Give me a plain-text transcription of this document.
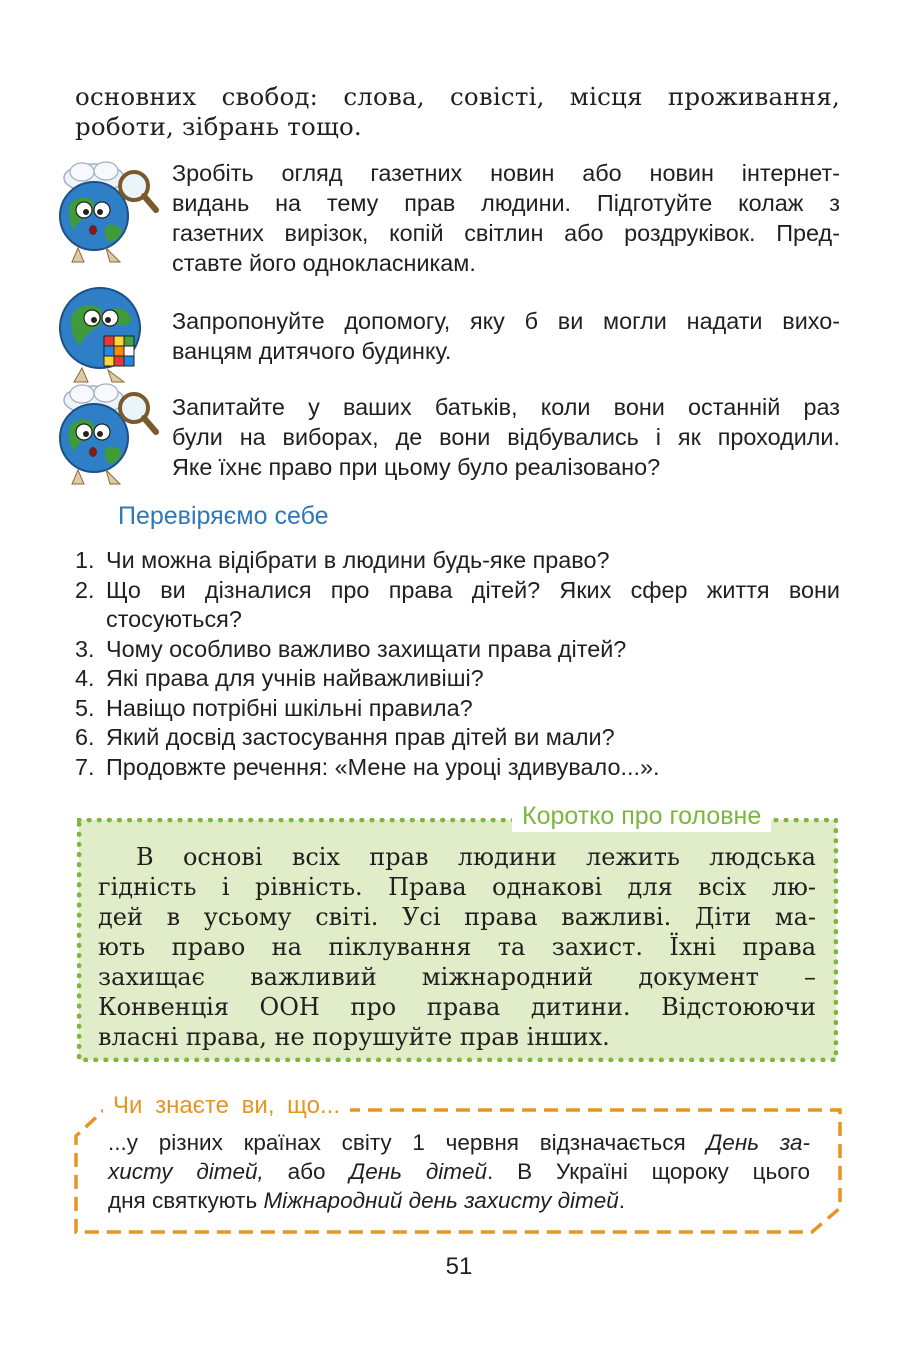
основних свобод: слова, совісті, місця проживання,
роботи, зібрань тощо.
Зробіть огляд газетних новин або новин інтернет-
видань на тему прав людини. Підготуйте колаж з
газетних вирізок, копій світлин або роздруківок. Пред-
ставте його однокласникам.
Запропонуйте допомогу, яку б ви могли надати вихо-
ванцям дитячого будинку.
Запитайте у ваших батьків, коли вони останній раз
були на виборах, де вони відбувались і як проходили.
Яке їхнє право при цьому було реалізовано?
Перевіряємо себе
1. Чи можна відібрати в людини будь-яке право?
2. Що ви дізналися про права дітей? Яких сфер життя вони
стосуються?
3. Чому особливо важливо захищати права дітей?
4. Які права для учнів найважливіші?
5. Навіщо потрібні шкільні правила?
6. Який досвід застосування прав дітей ви мали?
7. Продовжте речення: «Мене на уроці здивувало...».
Коротко про головне
В основі всіх прав людини лежить людська
гідність і рівність. Права однакові для всіх лю-
дей в усьому світі. Усі права важливі. Діти ма-
ють право на піклування та захист. Їхні права
захищає важливий міжнародний документ –
Конвенція ООН про права дитини. Відстоюючи
власні права, не порушуйте прав інших.
Чи знаєте ви, що...
...у різних країнах світу 1 червня відзначається День за-
хисту дітей, або День дітей. В Україні щороку цього
дня святкують Міжнародний день захисту дітей.
51
